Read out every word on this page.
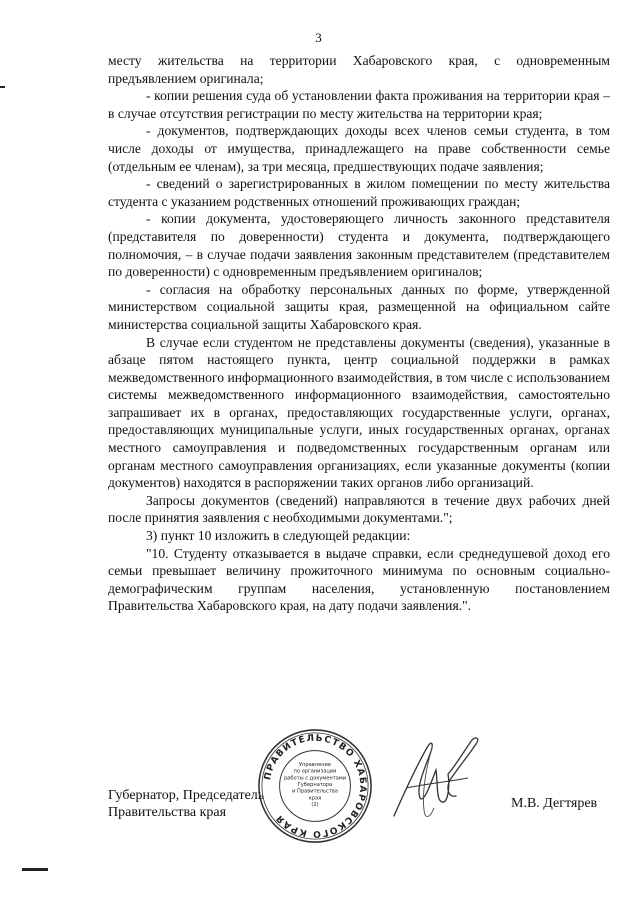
3

месту жительства на территории Хабаровского края, с одновременным предъявлением оригинала;

- копии решения суда об установлении факта проживания на территории края – в случае отсутствия регистрации по месту жительства на территории края;

- документов, подтверждающих доходы всех членов семьи студента, в том числе доходы от имущества, принадлежащего на праве собственности семье (отдельным ее членам), за три месяца, предшествующих подаче заявления;

- сведений о зарегистрированных в жилом помещении по месту жительства студента с указанием родственных отношений проживающих граждан;

- копии документа, удостоверяющего личность законного представителя (представителя по доверенности) студента и документа, подтверждающего полномочия, – в случае подачи заявления законным представителем (представителем по доверенности) с одновременным предъявлением оригиналов;

- согласия на обработку персональных данных по форме, утвержденной министерством социальной защиты края, размещенной на официальном сайте министерства социальной защиты Хабаровского края.

В случае если студентом не представлены документы (сведения), указанные в абзаце пятом настоящего пункта, центр социальной поддержки в рамках межведомственного информационного взаимодействия, в том числе с использованием системы межведомственного информационного взаимодействия, самостоятельно запрашивает их в органах, предоставляющих государственные услуги, органах, предоставляющих муниципальные услуги, иных государственных органах, органах местного самоуправления и подведомственных государственным органам или органам местного самоуправления организациях, если указанные документы (копии документов) находятся в распоряжении таких органов либо организаций.

Запросы документов (сведений) направляются в течение двух рабочих дней после принятия заявления с необходимыми документами.";

3) пункт 10 изложить в следующей редакции:

"10. Студенту отказывается в выдаче справки, если среднедушевой доход его семьи превышает величину прожиточного минимума по основным социально-демографическим группам населения, установленную постановлением Правительства Хабаровского края, на дату подачи заявления.".

Губернатор, Председатель
Правительства края
ПРАВИТЕЛЬСТВО ХАБАРОВСКОГО КРАЯ
Управление
по организации
работы с документами
Губернатора
и Правительства
края
(2)	М.В. Дегтярев
